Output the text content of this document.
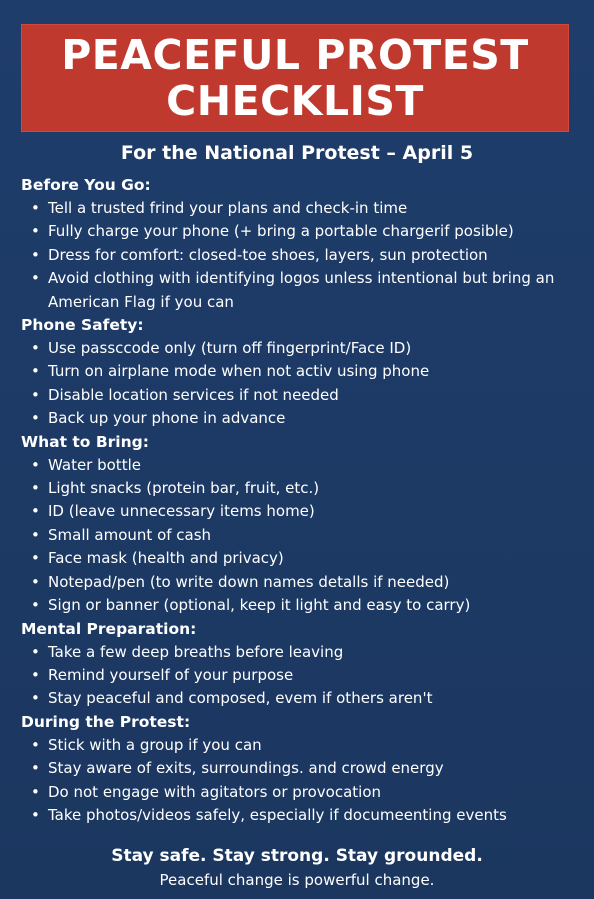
PEACEFUL PROTEST
CHECKLIST
For the National Protest – April 5
Before You Go:
• Tell a trusted frind your plans and check-in time
• Fully charge your phone (+ bring a portable chargerif posible)
• Dress for comfort: closed-toe shoes, layers, sun protection
• Avoid clothing with identifying logos unless intentional but bring an American Flag if you can
Phone Safety:
• Use passccode only (turn off fingerprint/Face ID)
• Turn on airplane mode when not activ using phone
• Disable location services if not needed
• Back up your phone in advance
What to Bring:
• Water bottle
• Light snacks (protein bar, fruit, etc.)
• ID (leave unnecessary items home)
• Small amount of cash
• Face mask (health and privacy)
• Notepad/pen (to write down names detalls if needed)
• Sign or banner (optional, keep it light and easy to carry)
Mental Preparation:
• Take a few deep breaths before leaving
• Remind yourself of your purpose
• Stay peaceful and composed, evem if others aren't
During the Protest:
• Stick with a group if you can
• Stay aware of exits, surroundings. and crowd energy
• Do not engage with agitators or provocation
• Take photos/videos safely, especially if documeenting events
Stay safe. Stay strong. Stay grounded.
Peaceful change is powerful change.
